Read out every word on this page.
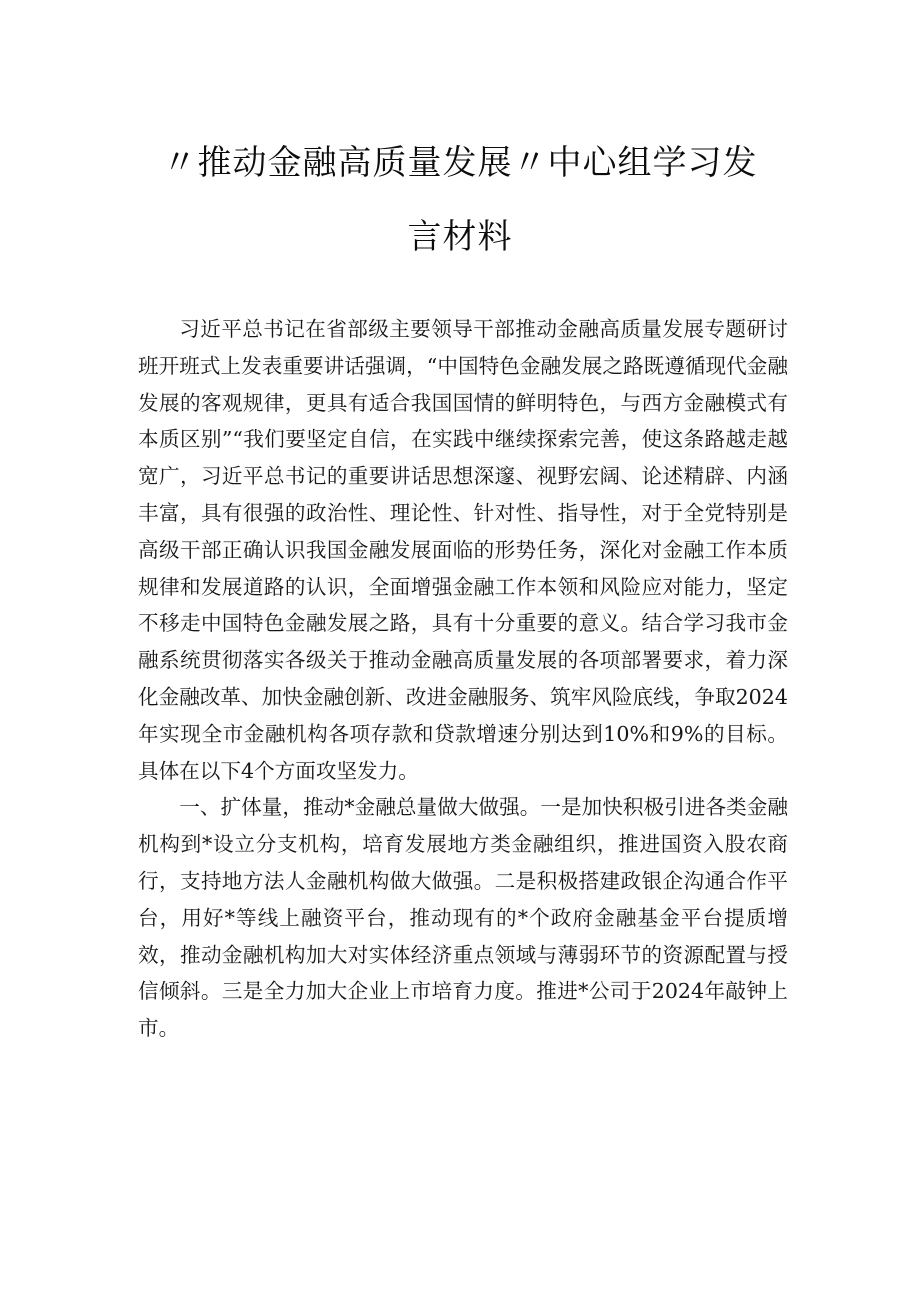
〃推动金融高质量发展〃中心组学习发言材料

习近平总书记在省部级主要领导干部推动金融高质量发展专题研讨班开班式上发表重要讲话强调，“中国特色金融发展之路既遵循现代金融发展的客观规律，更具有适合我国国情的鲜明特色，与西方金融模式有本质区别”“我们要坚定自信，在实践中继续探索完善，使这条路越走越宽广，习近平总书记的重要讲话思想深邃、视野宏阔、论述精辟、内涵丰富，具有很强的政治性、理论性、针对性、指导性，对于全党特别是高级干部正确认识我国金融发展面临的形势任务，深化对金融工作本质规律和发展道路的认识，全面增强金融工作本领和风险应对能力，坚定不移走中国特色金融发展之路，具有十分重要的意义。结合学习我市金融系统贯彻落实各级关于推动金融高质量发展的各项部署要求，着力深化金融改革、加快金融创新、改进金融服务、筑牢风险底线，争取2024年实现全市金融机构各项存款和贷款增速分别达到10%和9%的目标。具体在以下4个方面攻坚发力。

一、扩体量，推动*金融总量做大做强。一是加快积极引进各类金融机构到*设立分支机构，培育发展地方类金融组织，推进国资入股农商行，支持地方法人金融机构做大做强。二是积极搭建政银企沟通合作平台，用好*等线上融资平台，推动现有的*个政府金融基金平台提质增效，推动金融机构加大对实体经济重点领域与薄弱环节的资源配置与授信倾斜。三是全力加大企业上市培育力度。推进*公司于2024年敲钟上市。
